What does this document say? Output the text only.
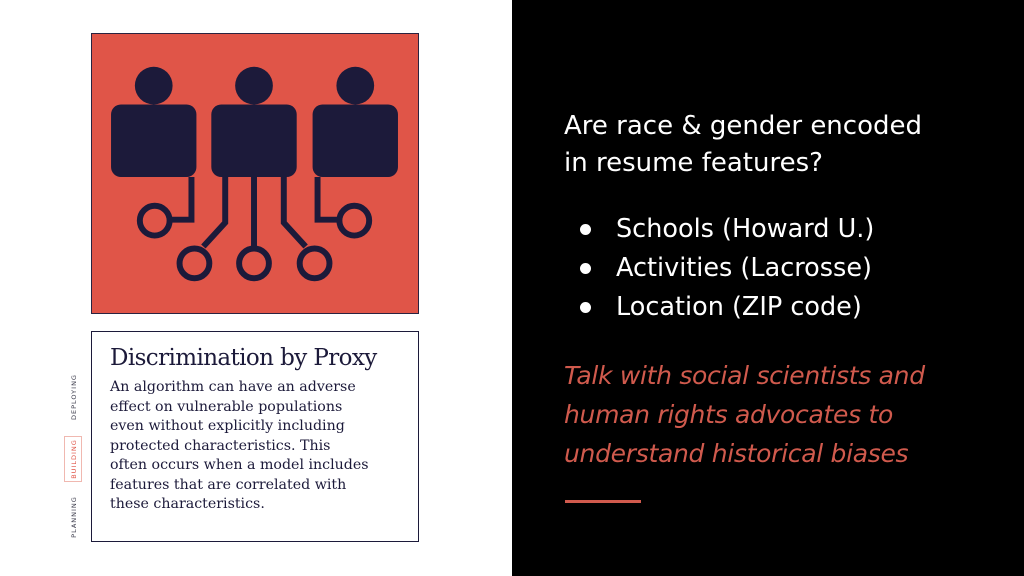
DEPLOYING
BUILDING
PLANNING
Discrimination by Proxy
An algorithm can have an adverse
effect on vulnerable populations
even without explicitly including
protected characteristics. This
often occurs when a model includes
features that are correlated with
these characteristics.
Are race & gender encoded
in resume features?
Schools (Howard U.)
Activities (Lacrosse)
Location (ZIP code)
Talk with social scientists and
human rights advocates to
understand historical biases
